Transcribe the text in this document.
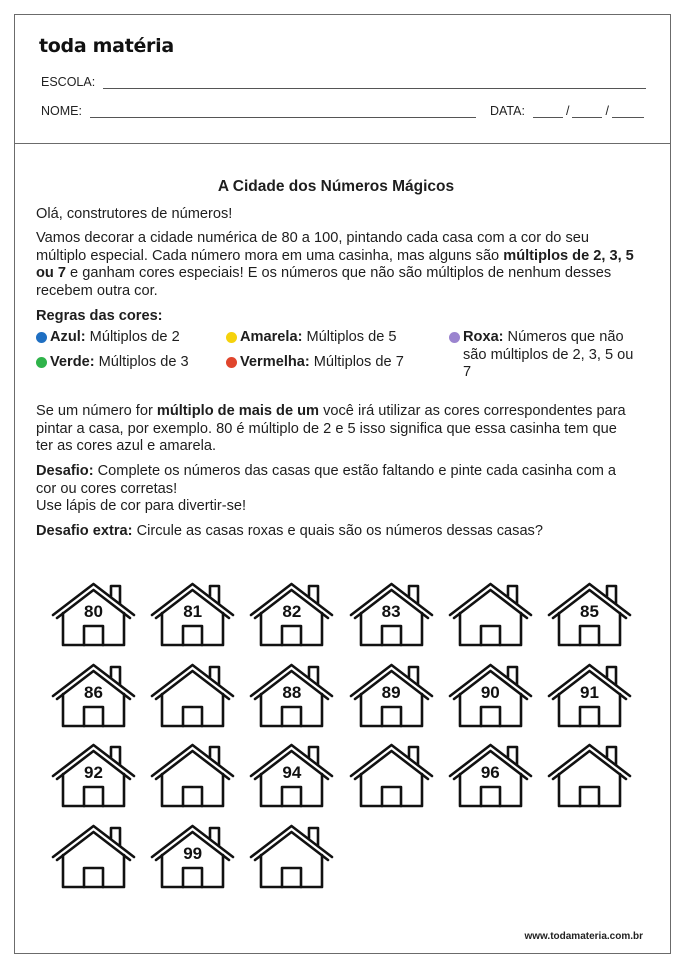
toda matéria
ESCOLA:
NOME:	DATA:	/	/
A Cidade dos Números Mágicos
Olá, construtores de números!
Vamos decorar a cidade numérica de 80 a 100, pintando cada casa com a cor do seu múltiplo especial. Cada número mora em uma casinha, mas alguns são múltiplos de 2, 3, 5 ou 7 e ganham cores especiais! E os números que não são múltiplos de nenhum desses recebem outra cor.
Regras das cores:
Azul: Múltiplos de 2	Amarela: Múltiplos de 5
Verde: Múltiplos de 3	Vermelha: Múltiplos de 7
Roxa: Números que não são múltiplos de 2, 3, 5 ou 7
Se um número for múltiplo de mais de um você irá utilizar as cores correspondentes para pintar a casa, por exemplo. 80 é múltiplo de 2 e 5 isso significa que essa casinha tem que ter as cores azul e amarela.
Desafio: Complete os números das casas que estão faltando e pinte cada casinha com a cor ou cores corretas!
Use lápis de cor para divertir-se!
Desafio extra: Circule as casas roxas e quais são os números dessas casas?
80	81	82	83	85
86	88	89	90	91
92	94	96
99
www.todamateria.com.br
